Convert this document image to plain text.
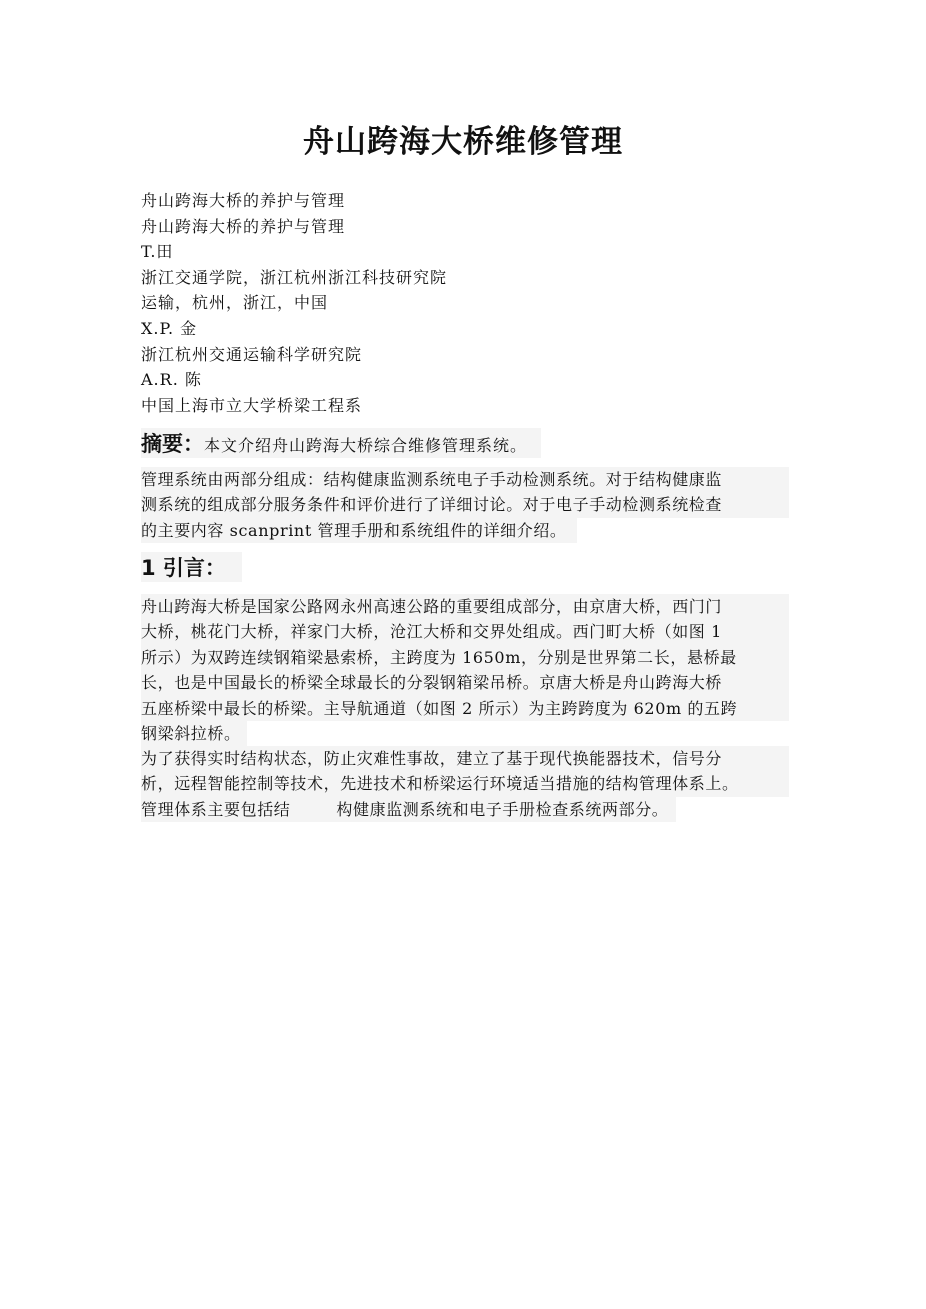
舟山跨海大桥维修管理
舟山跨海大桥的养护与管理
舟山跨海大桥的养护与管理
T.田
浙江交通学院，浙江杭州浙江科技研究院
运输，杭州，浙江，中国
X.P. 金
浙江杭州交通运输科学研究院
A.R. 陈
中国上海市立大学桥梁工程系
摘要：本文介绍舟山跨海大桥综合维修管理系统。
管理系统由两部分组成：结构健康监测系统电子手动检测系统。对于结构健康监
测系统的组成部分服务条件和评价进行了详细讨论。对于电子手动检测系统检查
的主要内容 scanprint 管理手册和系统组件的详细介绍。
1 引言：
舟山跨海大桥是国家公路网永州高速公路的重要组成部分，由京唐大桥，西门门
大桥，桃花门大桥，祥家门大桥，沧江大桥和交界处组成。西门町大桥（如图 1
所示）为双跨连续钢箱梁悬索桥，主跨度为 1650m，分别是世界第二长，悬桥最
长，也是中国最长的桥梁全球最长的分裂钢箱梁吊桥。京唐大桥是舟山跨海大桥
五座桥梁中最长的桥梁。主导航通道（如图 2 所示）为主跨跨度为 620m 的五跨
钢梁斜拉桥。
为了获得实时结构状态，防止灾难性事故，建立了基于现代换能器技术，信号分
析，远程智能控制等技术，先进技术和桥梁运行环境适当措施的结构管理体系上。
管理体系主要包括结	构健康监测系统和电子手册检查系统两部分。
